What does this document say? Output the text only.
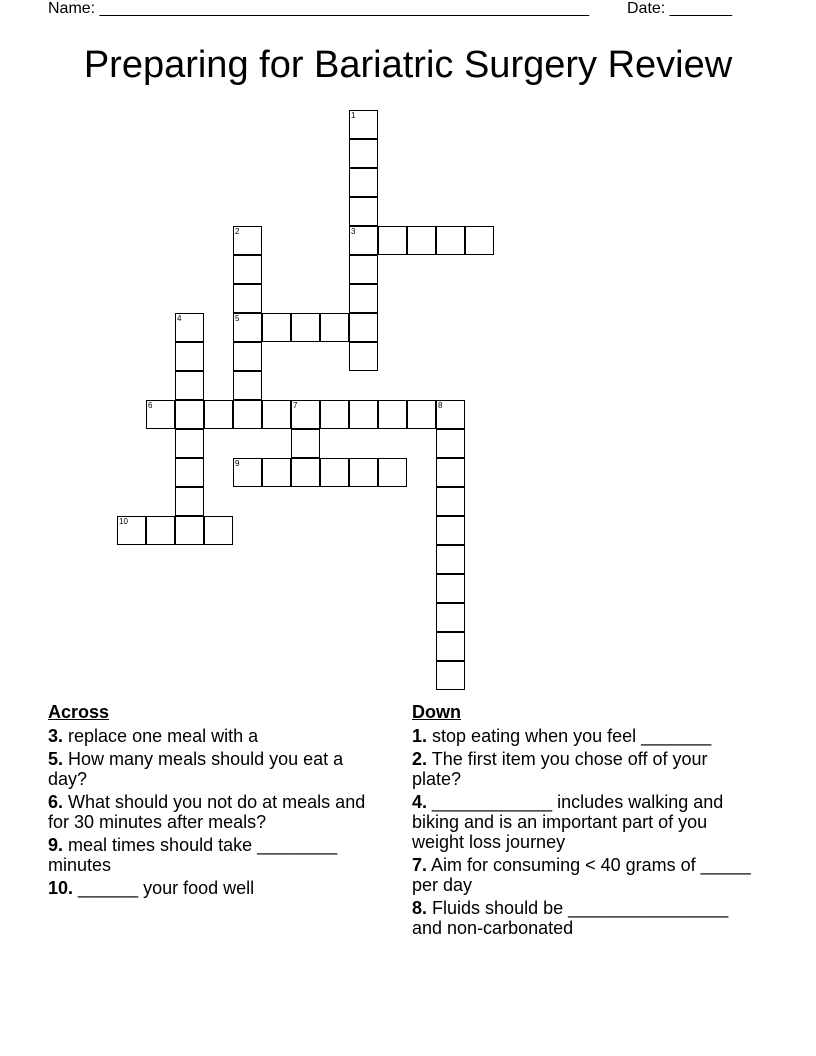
Name: _______________________________________________________ Date: _______
Preparing for Bariatric Surgery Review
1
3
2
5
4
6	7	8
9
10
Across
3. replace one meal with a
5. How many meals should you eat a day?
6. What should you not do at meals and for 30 minutes after meals?
9. meal times should take ________ minutes
10. ______ your food well
Down
1. stop eating when you feel _______
2. The first item you chose off of your plate?
4. ____________ includes walking and biking and is an important part of you weight loss journey
7. Aim for consuming < 40 grams of _____ per day
8. Fluids should be ________________ and non-carbonated
